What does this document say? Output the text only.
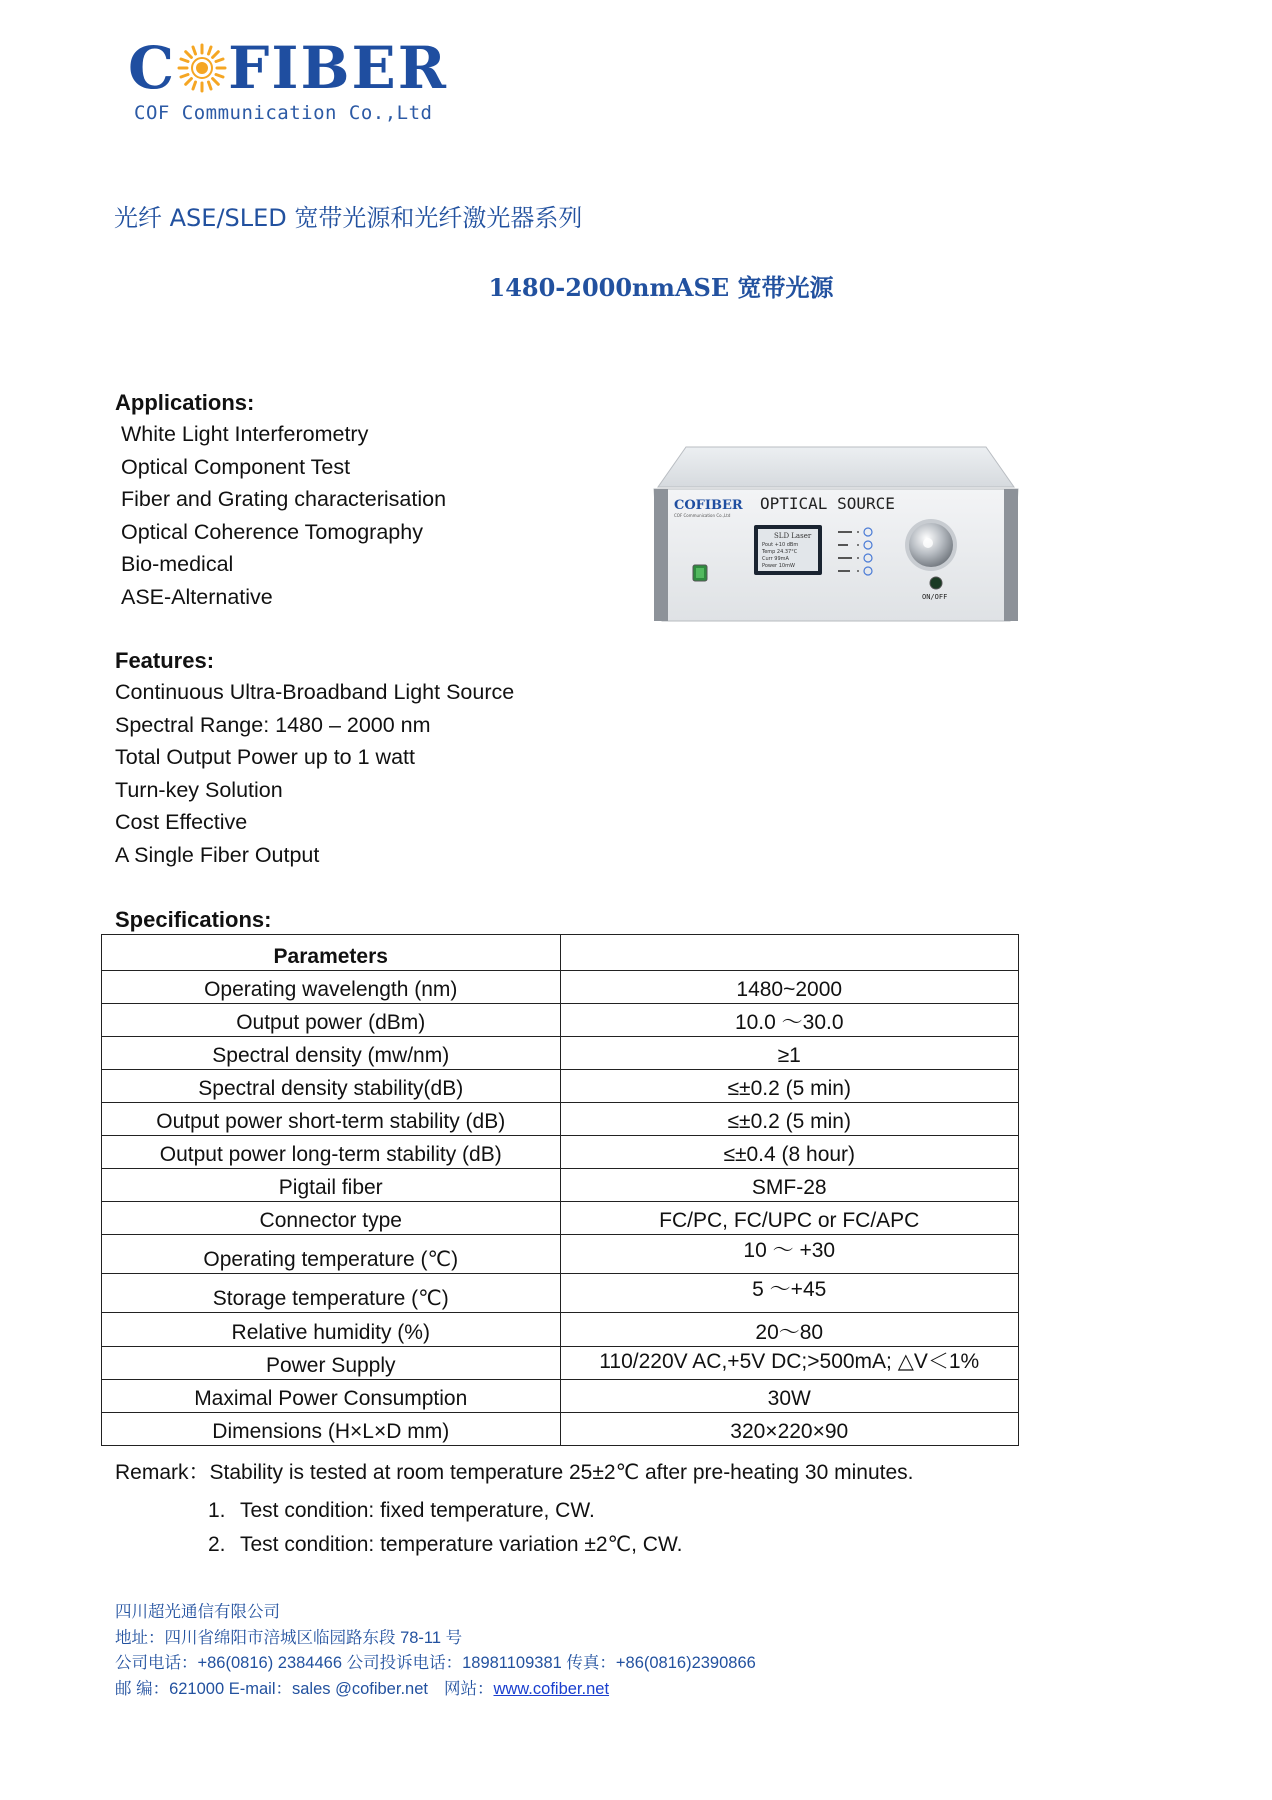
C FIBER
COF Communication Co.,Ltd
光纤 ASE/SLED 宽带光源和光纤激光器系列
1480-2000nmASE 宽带光源
Applications:
White Light Interferometry
Optical Component Test
Fiber and Grating characterisation
Optical Coherence Tomography
Bio-medical
ASE-Alternative
COFIBER
COF Communication Co.,Ltd
OPTICAL SOURCE
SLD Laser
Pout +10 dBm
Temp 24.37°C
Curr 99mA
Power 10mW
ON/OFF
Features:
Continuous Ultra-Broadband Light Source
Spectral Range: 1480 – 2000 nm
Total Output Power up to 1 watt
Turn-key Solution
Cost Effective
A Single Fiber Output
Specifications:
Parameters	
Operating wavelength (nm)	1480~2000
Output power (dBm)	10.0 ～30.0
Spectral density (mw/nm)	≥1
Spectral density stability(dB)	≤±0.2 (5 min)
Output power short-term stability (dB)	≤±0.2 (5 min)
Output power long-term stability (dB)	≤±0.4 (8 hour)
Pigtail fiber	SMF-28
Connector type	FC/PC, FC/UPC or FC/APC
Operating temperature (℃)	10 ～ +30
Storage temperature (℃)	5 ～+45
Relative humidity (%)	20～80
Power Supply	110/220V AC,+5V DC;>500mA; △V＜1%
Maximal Power Consumption	30W
Dimensions (H×L×D mm)	320×220×90
Remark：Stability is tested at room temperature 25±2℃ after pre-heating 30 minutes.
1. Test condition: fixed temperature, CW.
2. Test condition: temperature variation ±2℃, CW.
四川超光通信有限公司
地址：四川省绵阳市涪城区临园路东段 78-11 号
公司电话：+86(0816) 2384466 公司投诉电话：18981109381 传真：+86(0816)2390866
邮 编：621000 E-mail：sales @cofiber.net 网站：www.cofiber.net
